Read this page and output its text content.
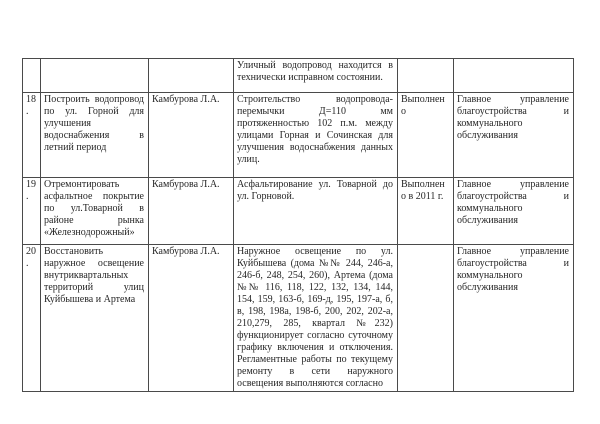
			Уличный водопровод находится в технически исправном состоянии.		
18.	Построить водопровод по ул. Горной для улучшения водоснабжения в летний период	Камбурова Л.А.	Строительство водопровода-перемычки Д=110 мм протяженностью 102 п.м. между улицами Горная и Сочинская для улучшения водоснабжения данных улиц.	Выполнено	Главное управление благоустройства и коммунального обслуживания
19.	Отремонтировать асфальтное покрытие по ул.Товарной в районе рынка «Железнодорожный»	Камбурова Л.А.	Асфальтирование ул. Товарной до ул. Горновой.	Выполнено в 2011 г.	Главное управление благоустройства и коммунального обслуживания
20.	Восстановить наружное освещение внутриквартальных территорий улиц Куйбышева и Артема	Камбурова Л.А.	Наружное освещение по ул. Куйбышева (дома №№ 244, 246-а, 246-б, 248, 254, 260), Артема (дома №№ 116, 118, 122, 132, 134, 144, 154, 159, 163-б, 169-д, 195, 197-а, б, в, 198, 198а, 198-б, 200, 202, 202-а, 210,279, 285, квартал №232) функционирует согласно суточному графику включения и отключения. Регламентные работы по текущему ремонту в сети наружного освещения выполняются согласно		Главное управление благоустройства и коммунального обслуживания
